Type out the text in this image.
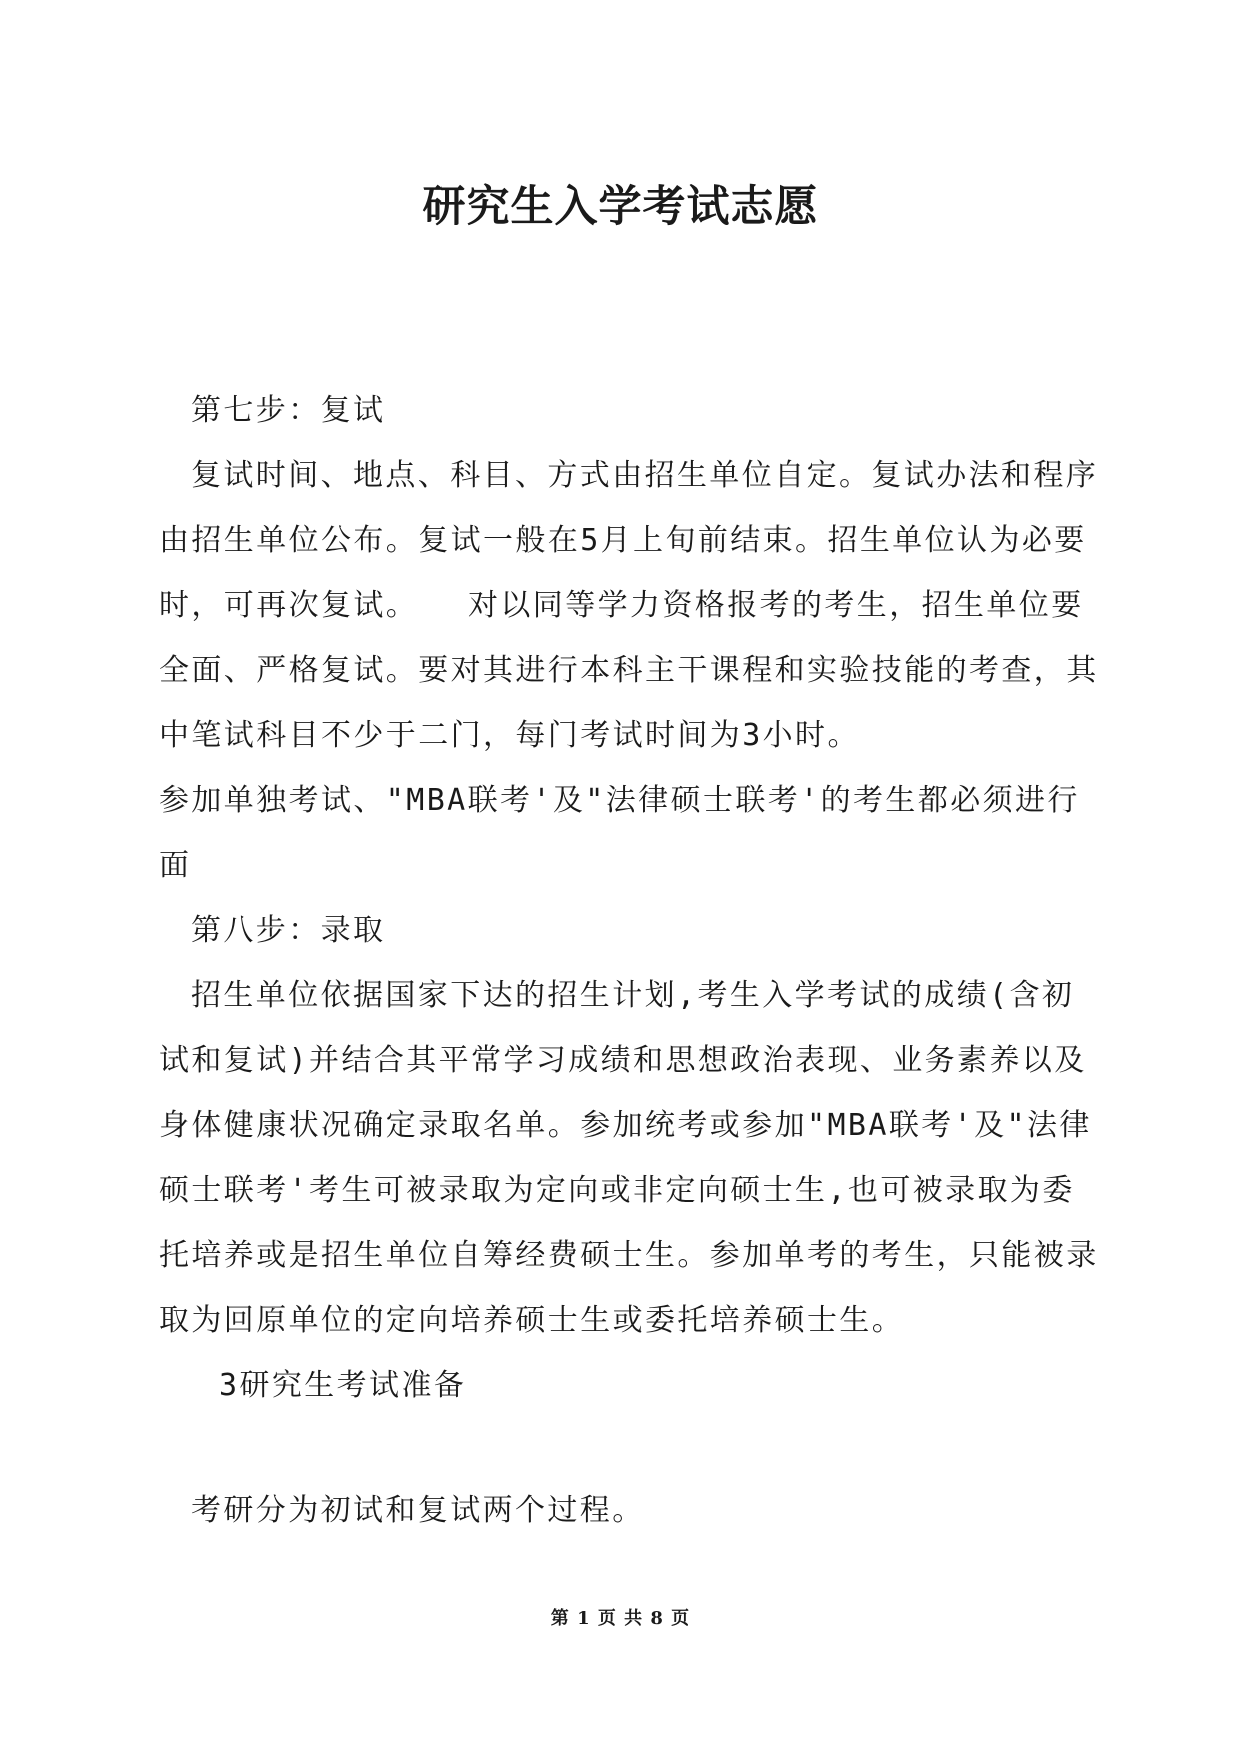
研究生入学考试志愿

第七步：复试

复试时间、地点、科目、方式由招生单位自定。复试办法和程序由招生单位公布。复试一般在5月上旬前结束。招生单位认为必要时，可再次复试。　　对以同等学力资格报考的考生，招生单位要全面、严格复试。要对其进行本科主干课程和实验技能的考查，其中笔试科目不少于二门，每门考试时间为3小时。

参加单独考试、"MBA联考'及"法律硕士联考'的考生都必须进行面

第八步：录取

招生单位依据国家下达的招生计划,考生入学考试的成绩(含初试和复试)并结合其平常学习成绩和思想政治表现、业务素养以及身体健康状况确定录取名单。参加统考或参加"MBA联考'及"法律硕士联考'考生可被录取为定向或非定向硕士生,也可被录取为委托培养或是招生单位自筹经费硕士生。参加单考的考生，只能被录取为回原单位的定向培养硕士生或委托培养硕士生。

3研究生考试准备

考研分为初试和复试两个过程。

第 1 页 共 8 页
